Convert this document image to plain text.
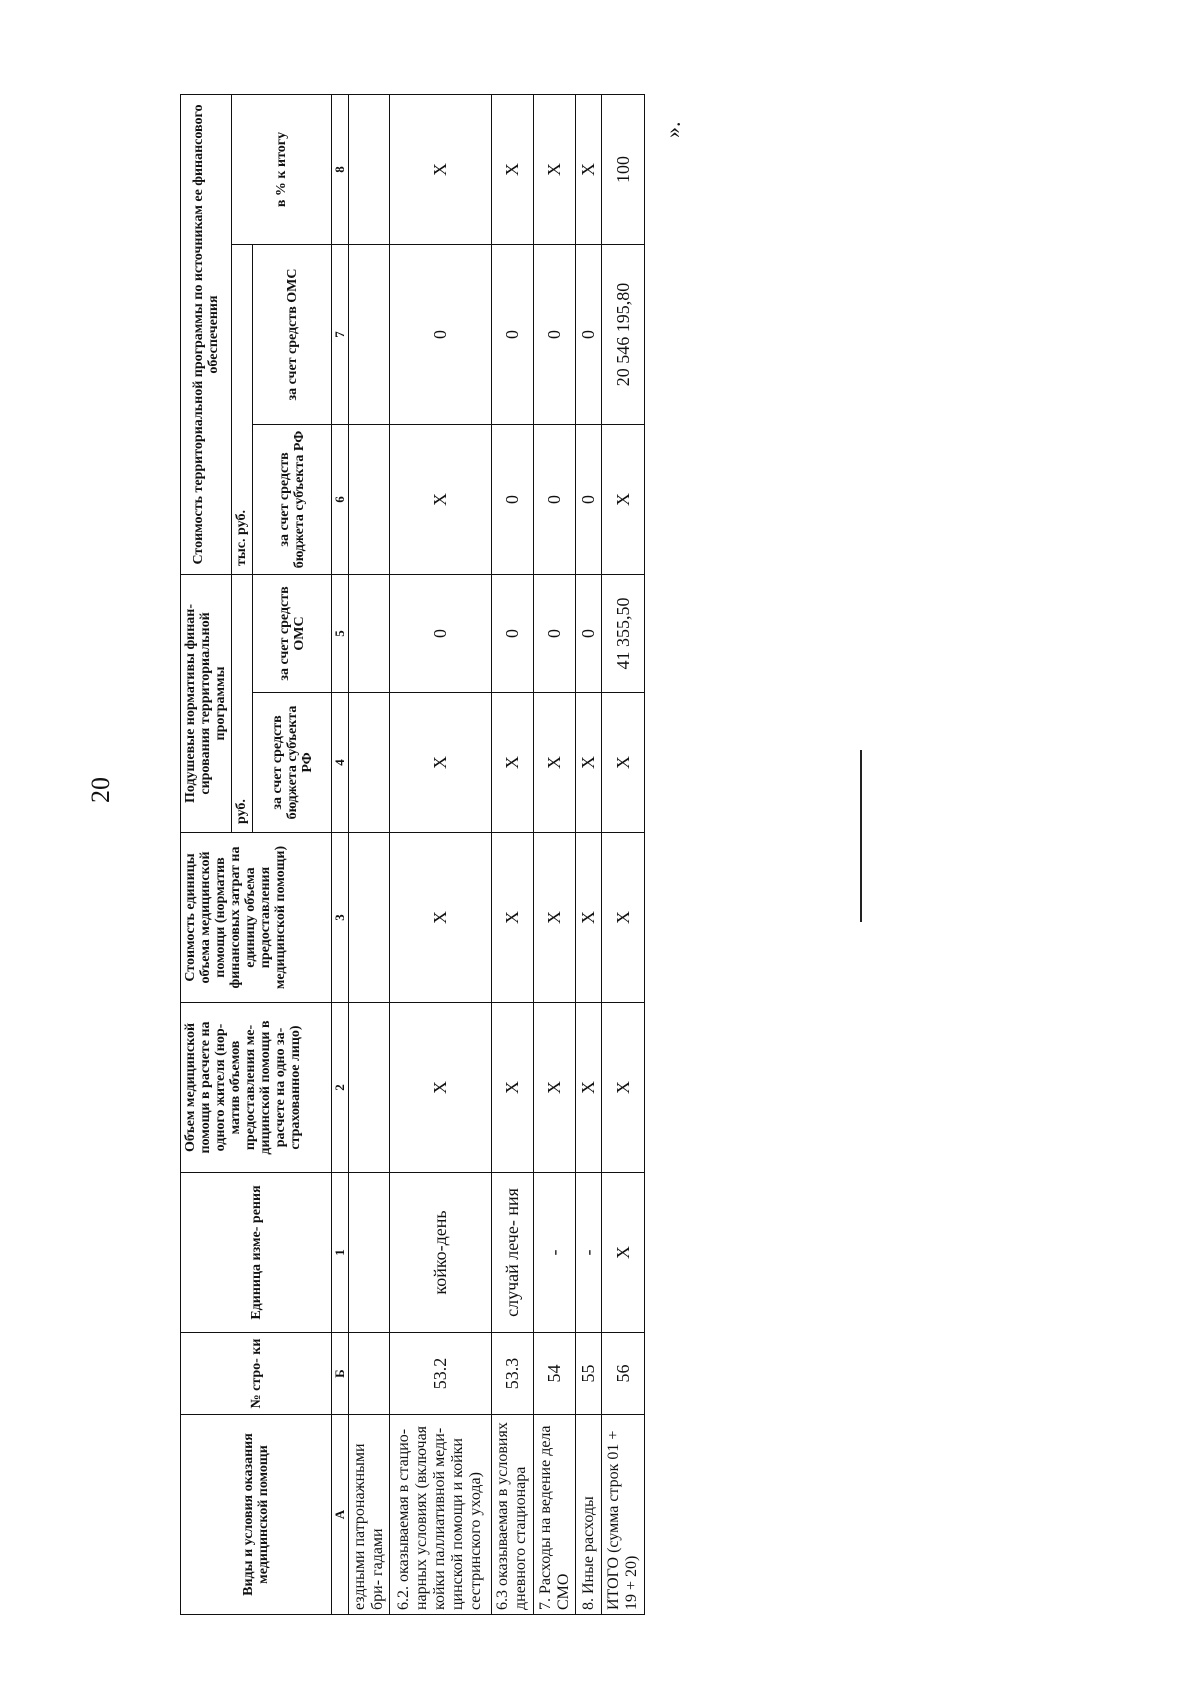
20
Виды и условия оказания медицинской помощи	№ стро- ки	Единица изме- рения	Объем медицинской помощи в расчете на одного жителя (нор- матив объемов предоставления ме- дицинской помощи в расчете на одно за- страхованное лицо)	Стоимость единицы объема медицинской помощи (норматив финансовых затрат на единицу объема предоставления медицинской помощи)	Подушевые нормативы финан- сирования территориальной программы		Стоимость территориальной программы по источникам ее финансового обеспечения		
					руб.		тыс. руб.		в % к итогу
					за счет средств бюджета субъекта РФ	за счет средств ОМС	за счет средств бюджета субъекта РФ	за счет средств ОМС	
А	Б	1	2	3	4	5	6	7	8
ездными патронажными бри- гадами									
6.2. оказываемая в стацио- нарных условиях (включая койки паллиативной меди- цинской помощи и койки сестринского ухода)	53.2	койко-день	Х	Х	Х	0	Х	0	Х
6.3 оказываемая в условиях дневного стационара	53.3	случай лече- ния	Х	Х	Х	0	0	0	Х
7. Расходы на ведение дела СМО	54	-	Х	Х	Х	0	0	0	Х
8. Иные расходы	55	-	Х	Х	Х	0	0	0	Х
ИТОГО (сумма строк 01 + 19 + 20)	56	Х	Х	Х	Х	41 355,50	Х	20 546 195,80	100
».
